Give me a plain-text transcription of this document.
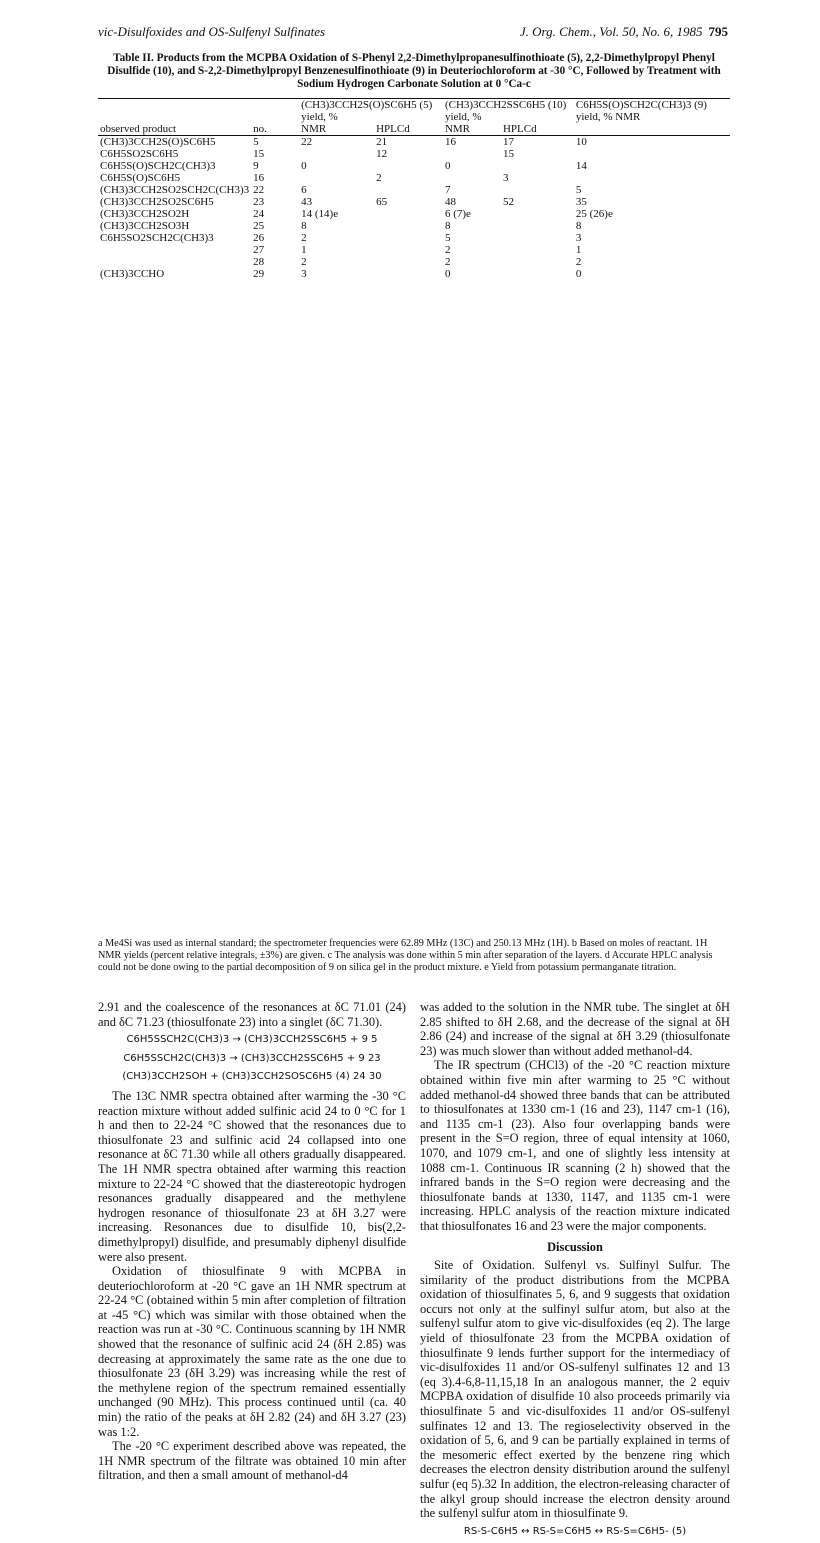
vic-Disulfoxides and OS-Sulfenyl Sulfinates	J. Org. Chem., Vol. 50, No. 6, 1985 795
Table II. Products from the MCPBA Oxidation of S-Phenyl 2,2-Dimethylpropanesulfinothioate (5), 2,2-Dimethylpropyl Phenyl Disulfide (10), and S-2,2-Dimethylpropyl Benzenesulfinothioate (9) in Deuteriochloroform at -30 °C, Followed by Treatment with Sodium Hydrogen Carbonate Solution at 0 °Ca-c
		(CH3)3CCH2S(O)SC6H5 (5) yield, %		(CH3)3CCH2SSC6H5 (10) yield, %		C6H5S(O)SCH2C(CH3)3 (9) yield, % NMR
observed product	no.	NMR	HPLCd	NMR	HPLCd	
(CH3)3CCH2S(O)SC6H5	5	22	21	16	17	10
C6H5SO2SC6H5	15		12		15	
C6H5S(O)SCH2C(CH3)3	9	0		0		14
C6H5S(O)SC6H5	16		2		3	
(CH3)3CCH2SO2SCH2C(CH3)3	22	6		7		5
(CH3)3CCH2SO2SC6H5	23	43	65	48	52	35
(CH3)3CCH2SO2H	24	14 (14)e		6 (7)e		25 (26)e
(CH3)3CCH2SO3H	25	8		8		8
C6H5SO2SCH2C(CH3)3	26	2		5		3
	27	1		2		1
	28	2		2		2
(CH3)3CCHO	29	3		0		0
a Me4Si was used as internal standard; the spectrometer frequencies were 62.89 MHz (13C) and 250.13 MHz (1H). b Based on moles of reactant. 1H NMR yields (percent relative integrals, ±3%) are given. c The analysis was done within 5 min after separation of the layers. d Accurate HPLC analysis could not be done owing to the partial decomposition of 9 on silica gel in the product mixture. e Yield from potassium permanganate titration.

2.91 and the coalescence of the resonances at δC 71.01 (24) and δC 71.23 (thiosulfonate 23) into a singlet (δC 71.30).

C6H5SSCH2C(CH3)3 → (CH3)3CCH2SSC6H5 + 9 5
C6H5SSCH2C(CH3)3 → (CH3)3CCH2SSC6H5 + 9 23
(CH3)3CCH2SOH + (CH3)3CCH2SOSC6H5 (4) 24 30

The 13C NMR spectra obtained after warming the -30 °C reaction mixture without added sulfinic acid 24 to 0 °C for 1 h and then to 22-24 °C showed that the resonances due to thiosulfonate 23 and sulfinic acid 24 collapsed into one resonance at δC 71.30 while all others gradually disappeared. The 1H NMR spectra obtained after warming this reaction mixture to 22-24 °C showed that the diastereotopic hydrogen resonances gradually disappeared and the methylene hydrogen resonance of thiosulfonate 23 at δH 3.27 were increasing. Resonances due to disulfide 10, bis(2,2-dimethylpropyl) disulfide, and presumably diphenyl disulfide were also present.

Oxidation of thiosulfinate 9 with MCPBA in deuteriochloroform at -20 °C gave an 1H NMR spectrum at 22-24 °C (obtained within 5 min after completion of filtration at -45 °C) which was similar with those obtained when the reaction was run at -30 °C. Continuous scanning by 1H NMR showed that the resonance of sulfinic acid 24 (δH 2.85) was decreasing at approximately the same rate as the one due to thiosulfonate 23 (δH 3.29) was increasing while the rest of the methylene region of the spectrum remained essentially unchanged (90 MHz). This process continued until (ca. 40 min) the ratio of the peaks at δH 2.82 (24) and δH 3.27 (23) was 1:2.

The -20 °C experiment described above was repeated, the 1H NMR spectrum of the filtrate was obtained 10 min after filtration, and then a small amount of methanol-d4

was added to the solution in the NMR tube. The singlet at δH 2.85 shifted to δH 2.68, and the decrease of the signal at δH 2.86 (24) and increase of the signal at δH 3.29 (thiosulfonate 23) was much slower than without added methanol-d4.

The IR spectrum (CHCl3) of the -20 °C reaction mixture obtained within five min after warming to 25 °C without added methanol-d4 showed three bands that can be attributed to thiosulfonates at 1330 cm-1 (16 and 23), 1147 cm-1 (16), and 1135 cm-1 (23). Also four overlapping bands were present in the S=O region, three of equal intensity at 1060, 1070, and 1079 cm-1, and one of slightly less intensity at 1088 cm-1. Continuous IR scanning (2 h) showed that the infrared bands in the S=O region were decreasing and the thiosulfonate bands at 1330, 1147, and 1135 cm-1 were increasing. HPLC analysis of the reaction mixture indicated that thiosulfonates 16 and 23 were the major components.

Discussion

Site of Oxidation. Sulfenyl vs. Sulfinyl Sulfur. The similarity of the product distributions from the MCPBA oxidation of thiosulfinates 5, 6, and 9 suggests that oxidation occurs not only at the sulfinyl sulfur atom, but also at the sulfenyl sulfur atom to give vic-disulfoxides (eq 2). The large yield of thiosulfonate 23 from the MCPBA oxidation of thiosulfinate 9 lends further support for the intermediacy of vic-disulfoxides 11 and/or OS-sulfenyl sulfinates 12 and 13 (eq 3).4-6,8-11,15,18 In an analogous manner, the 2 equiv MCPBA oxidation of disulfide 10 also proceeds primarily via thiosulfinate 5 and vic-disulfoxides 11 and/or OS-sulfenyl sulfinates 12 and 13. The regioselectivity observed in the oxidation of 5, 6, and 9 can be partially explained in terms of the mesomeric effect exerted by the benzene ring which decreases the electron density distribution around the sulfenyl sulfur (eq 5).32 In addition, the electron-releasing character of the alkyl group should increase the electron density around the sulfenyl sulfur atom in thiosulfinate 9.

RS-S-C6H5 ↔ RS-S=C6H5 ↔ RS-S=C6H5- (5)
